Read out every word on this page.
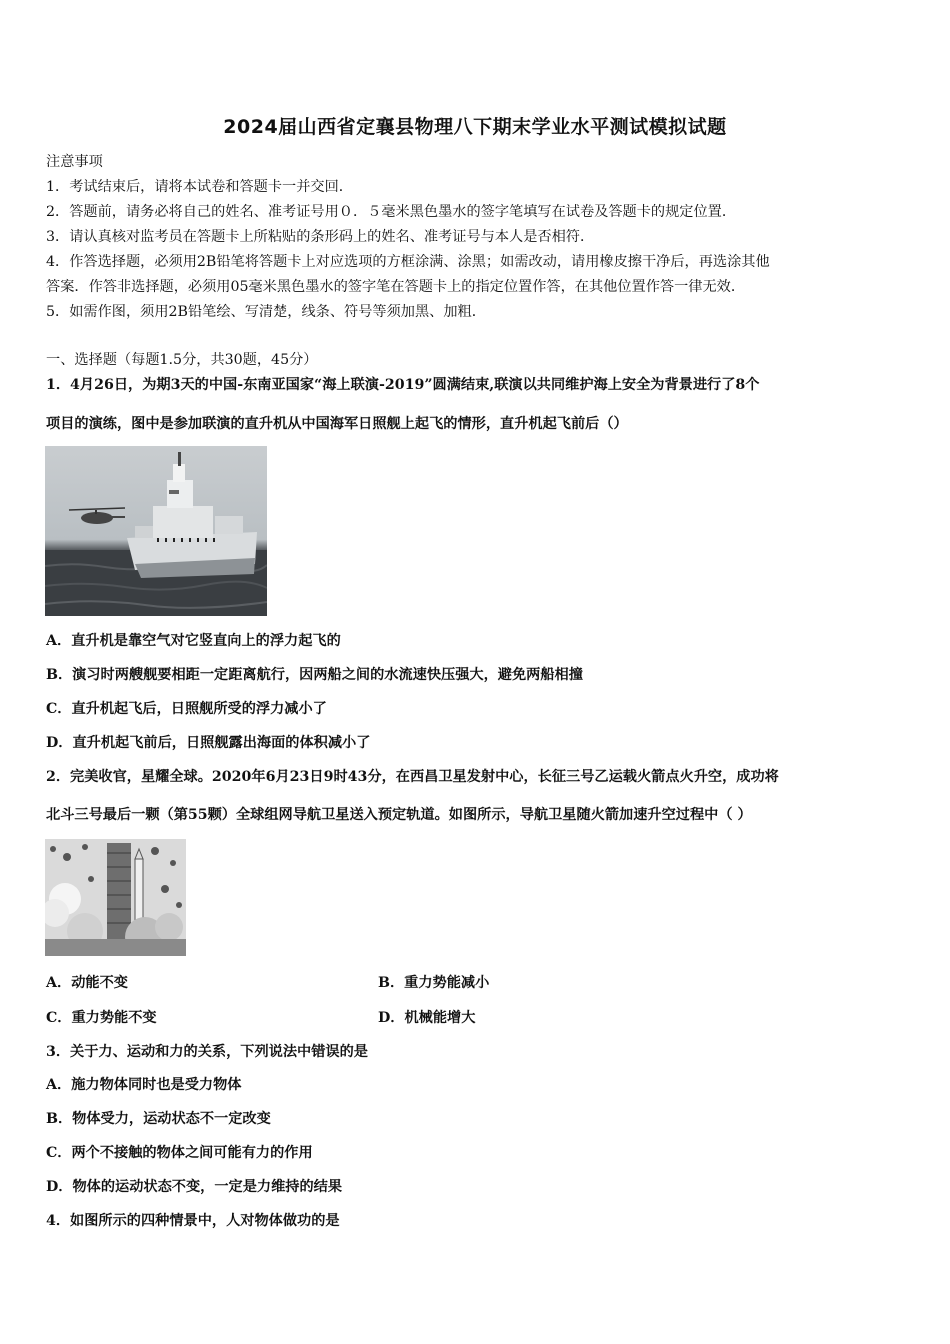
2024届山西省定襄县物理八下期末学业水平测试模拟试题
注意事项
1．考试结束后，请将本试卷和答题卡一并交回．
2．答题前，请务必将自己的姓名、准考证号用０．５毫米黑色墨水的签字笔填写在试卷及答题卡的规定位置．
3．请认真核对监考员在答题卡上所粘贴的条形码上的姓名、准考证号与本人是否相符．
4．作答选择题，必须用2B铅笔将答题卡上对应选项的方框涂满、涂黑；如需改动，请用橡皮擦干净后，再选涂其他
答案．作答非选择题，必须用05毫米黑色墨水的签字笔在答题卡上的指定位置作答，在其他位置作答一律无效．
5．如需作图，须用2B铅笔绘、写清楚，线条、符号等须加黑、加粗．
一、选择题（每题1.5分，共30题，45分）
1．4月26日，为期3天的中国-东南亚国家“海上联演-2019”圆满结束,联演以共同维护海上安全为背景进行了8个
项目的演练，图中是参加联演的直升机从中国海军日照舰上起飞的情形，直升机起飞前后（）
A．直升机是靠空气对它竖直向上的浮力起飞的
B．演习时两艘舰要相距一定距离航行，因两船之间的水流速快压强大，避免两船相撞
C．直升机起飞后，日照舰所受的浮力减小了
D．直升机起飞前后，日照舰露出海面的体积减小了
2．完美收官，星耀全球。2020年6月23日9时43分，在西昌卫星发射中心，长征三号乙运载火箭点火升空，成功将
北斗三号最后一颗（第55颗）全球组网导航卫星送入预定轨道。如图所示，导航卫星随火箭加速升空过程中（ ）
A．动能不变	B．重力势能减小
C．重力势能不变	D．机械能增大
3．关于力、运动和力的关系，下列说法中错误的是
A．施力物体同时也是受力物体
B．物体受力，运动状态不一定改变
C．两个不接触的物体之间可能有力的作用
D．物体的运动状态不变，一定是力维持的结果
4．如图所示的四种情景中，人对物体做功的是
